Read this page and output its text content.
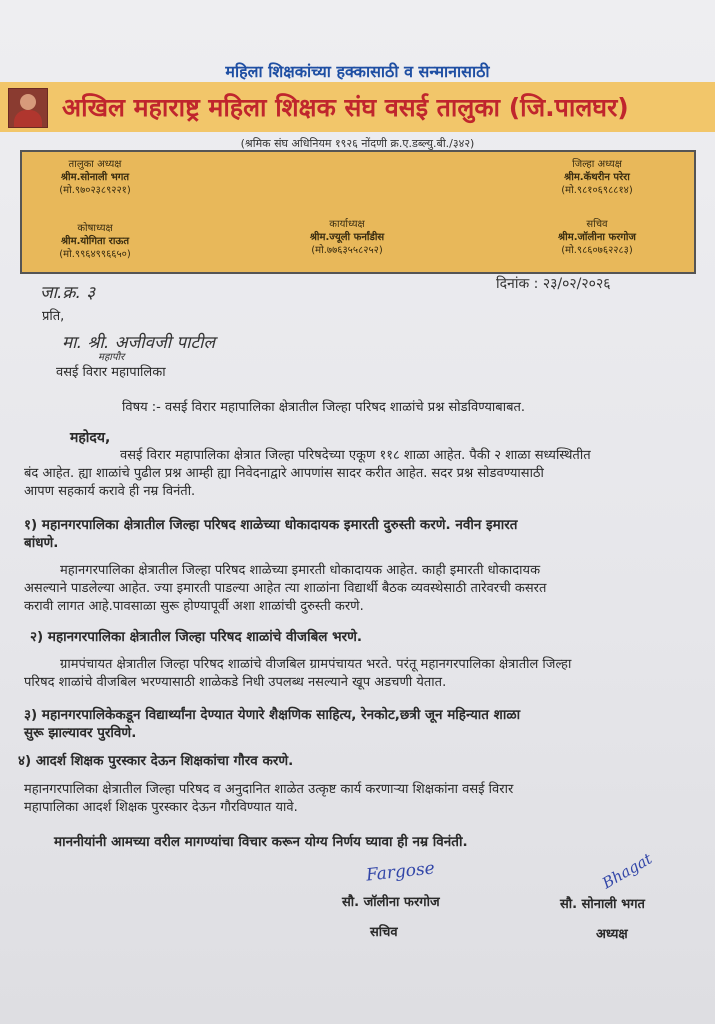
महिला शिक्षकांच्या हक्कासाठी व सन्मानासाठी
अखिल महाराष्ट्र महिला शिक्षक संघ वसई तालुका (जि.पालघर)
(श्रमिक संघ अधिनियम १९२६ नोंदणी क्र.ए.डब्ल्यु.बी./३४२)
तालुका अध्यक्ष
श्रीम.सोनाली भगत
(मो.९७०२३८९२२१)
जिल्हा अध्यक्ष
श्रीम.कॅथरीन परेरा
(मो.९८१०६९८८१४)
कोषाध्यक्ष
श्रीम.योगिता राऊत
(मो.९९६४९९६६५०)
कार्याध्यक्ष
श्रीम.ज्यूली फर्नांडीस
(मो.७७६३५५८२५२)
सचिव
श्रीम.जॉलीना फरगोज
(मो.९८६०७६२२८३)
जा.क्र. ३	दिनांक : २३/०२/२०२६
प्रति,
मा. श्री. अजीवजी पाटील
महापौर
वसई विरार महापालिका
विषय :- वसई विरार महापालिका क्षेत्रातील जिल्हा परिषद शाळांचे प्रश्न सोडविण्याबाबत.
महोदय,
वसई विरार महापालिका क्षेत्रात जिल्हा परिषदेच्या एकूण ११८ शाळा आहेत. पैकी २ शाळा सध्यस्थितीत
बंद आहेत. ह्या शाळांचे पुढील प्रश्न आम्ही ह्या निवेदनाद्वारे आपणांस सादर करीत आहेत. सदर प्रश्न सोडवण्यासाठी
आपण सहकार्य करावे ही नम्र विनंती.
१) महानगरपालिका क्षेत्रातील जिल्हा परिषद शाळेच्या धोकादायक इमारती दुरुस्ती करणे. नवीन इमारत
बांधणे.
महानगरपालिका क्षेत्रातील जिल्हा परिषद शाळेच्या इमारती धोकादायक आहेत. काही इमारती धोकादायक
असल्याने पाडलेल्या आहेत. ज्या इमारती पाडल्या आहेत त्या शाळांना विद्यार्थी बैठक व्यवस्थेसाठी तारेवरची कसरत
करावी लागत आहे.पावसाळा सुरू होण्यापूर्वी अशा शाळांची दुरुस्ती करणे.
२) महानगरपालिका क्षेत्रातील जिल्हा परिषद शाळांचे वीजबिल भरणे.
ग्रामपंचायत क्षेत्रातील जिल्हा परिषद शाळांचे वीजबिल ग्रामपंचायत भरते. परंतू महानगरपालिका क्षेत्रातील जिल्हा
परिषद शाळांचे वीजबिल भरण्यासाठी शाळेकडे निधी उपलब्ध नसल्याने खूप अडचणी येतात.
३) महानगरपालिकेकडून विद्यार्थ्यांना देण्यात येणारे शैक्षणिक साहित्य, रेनकोट,छत्री जून महिन्यात शाळा
सुरू झाल्यावर पुरविणे.
४) आदर्श शिक्षक पुरस्कार देऊन शिक्षकांचा गौरव करणे.
महानगरपालिका क्षेत्रातील जिल्हा परिषद व अनुदानित शाळेत उत्कृष्ट कार्य करणाऱ्या शिक्षकांना वसई विरार
महापालिका आदर्श शिक्षक पुरस्कार देऊन गौरविण्यात यावे.
माननीयांनी आमच्या वरील मागण्यांचा विचार करून योग्य निर्णय घ्यावा ही नम्र विनंती.
Fargose
सौ. जॉलीना फरगोज
सचिव
Bhagat
सौ. सोनाली भगत
अध्यक्ष
